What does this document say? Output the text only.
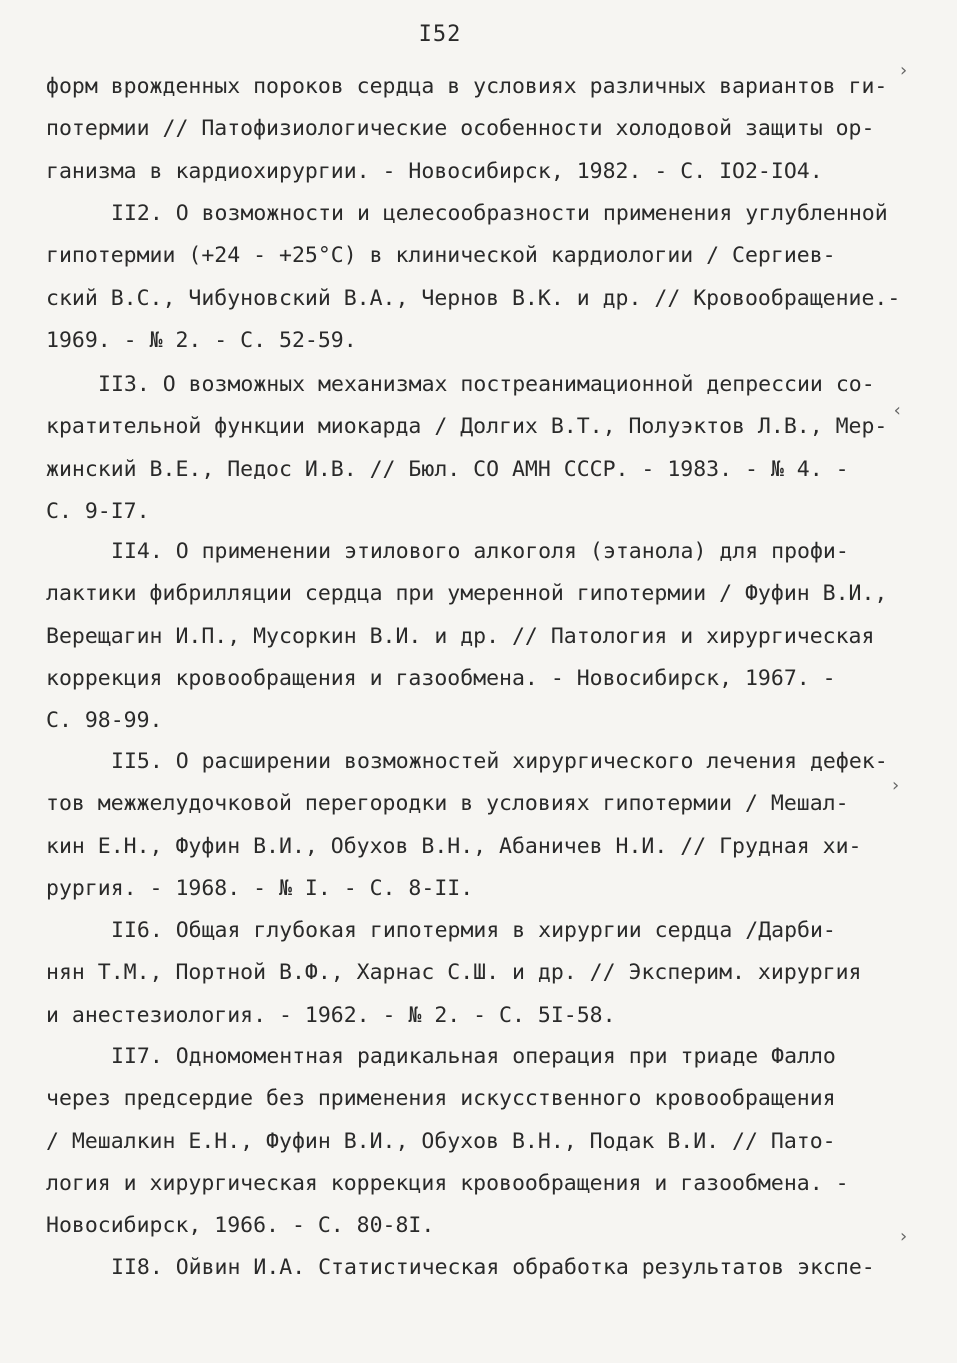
I52

форм врожденных пороков сердца в условиях различных вариантов ги-
потермии // Патофизиологические особенности холодовой защиты ор-
ганизма в кардиохирургии. - Новосибирск, 1982. - С. IO2-IO4.

II2. О возможности и целесообразности применения углубленной
гипотермии (+24 - +25°С) в клинической кардиологии / Сергиев-
ский В.С., Чибуновский В.А., Чернов В.К. и др. // Кровообращение.-
1969. - № 2. - С. 52-59.

II3. О возможных механизмах постреанимационной депрессии со-
кратительной функции миокарда / Долгих В.Т., Полуэктов Л.В., Мер-
жинский В.Е., Педос И.В. // Бюл. СО АМН СССР. - 1983. - № 4. -
С. 9-I7.

II4. О применении этилового алкоголя (этанола) для профи-
лактики фибрилляции сердца при умеренной гипотермии / Фуфин В.И.,
Верещагин И.П., Мусоркин В.И. и др. // Патология и хирургическая
коррекция кровообращения и газообмена. - Новосибирск, 1967. -
С. 98-99.

II5. О расширении возможностей хирургического лечения дефек-
тов межжелудочковой перегородки в условиях гипотермии / Мешал-
кин Е.Н., Фуфин В.И., Обухов В.Н., Абаничев Н.И. // Грудная хи-
рургия. - 1968. - № I. - С. 8-II.

II6. Общая глубокая гипотермия в хирургии сердца /Дарби-
нян Т.М., Портной В.Ф., Харнас С.Ш. и др. // Эксперим. хирургия
и анестезиология. - 1962. - № 2. - С. 5I-58.

II7. Одномоментная радикальная операция при триаде Фалло
через предсердие без применения искусственного кровообращения
/ Мешалкин Е.Н., Фуфин В.И., Обухов В.Н., Подак В.И. // Пато-
логия и хирургическая коррекция кровообращения и газообмена. -
Новосибирск, 1966. - С. 80-8I.

II8. Ойвин И.А. Статистическая обработка результатов экспе-

›
‹
›
›
